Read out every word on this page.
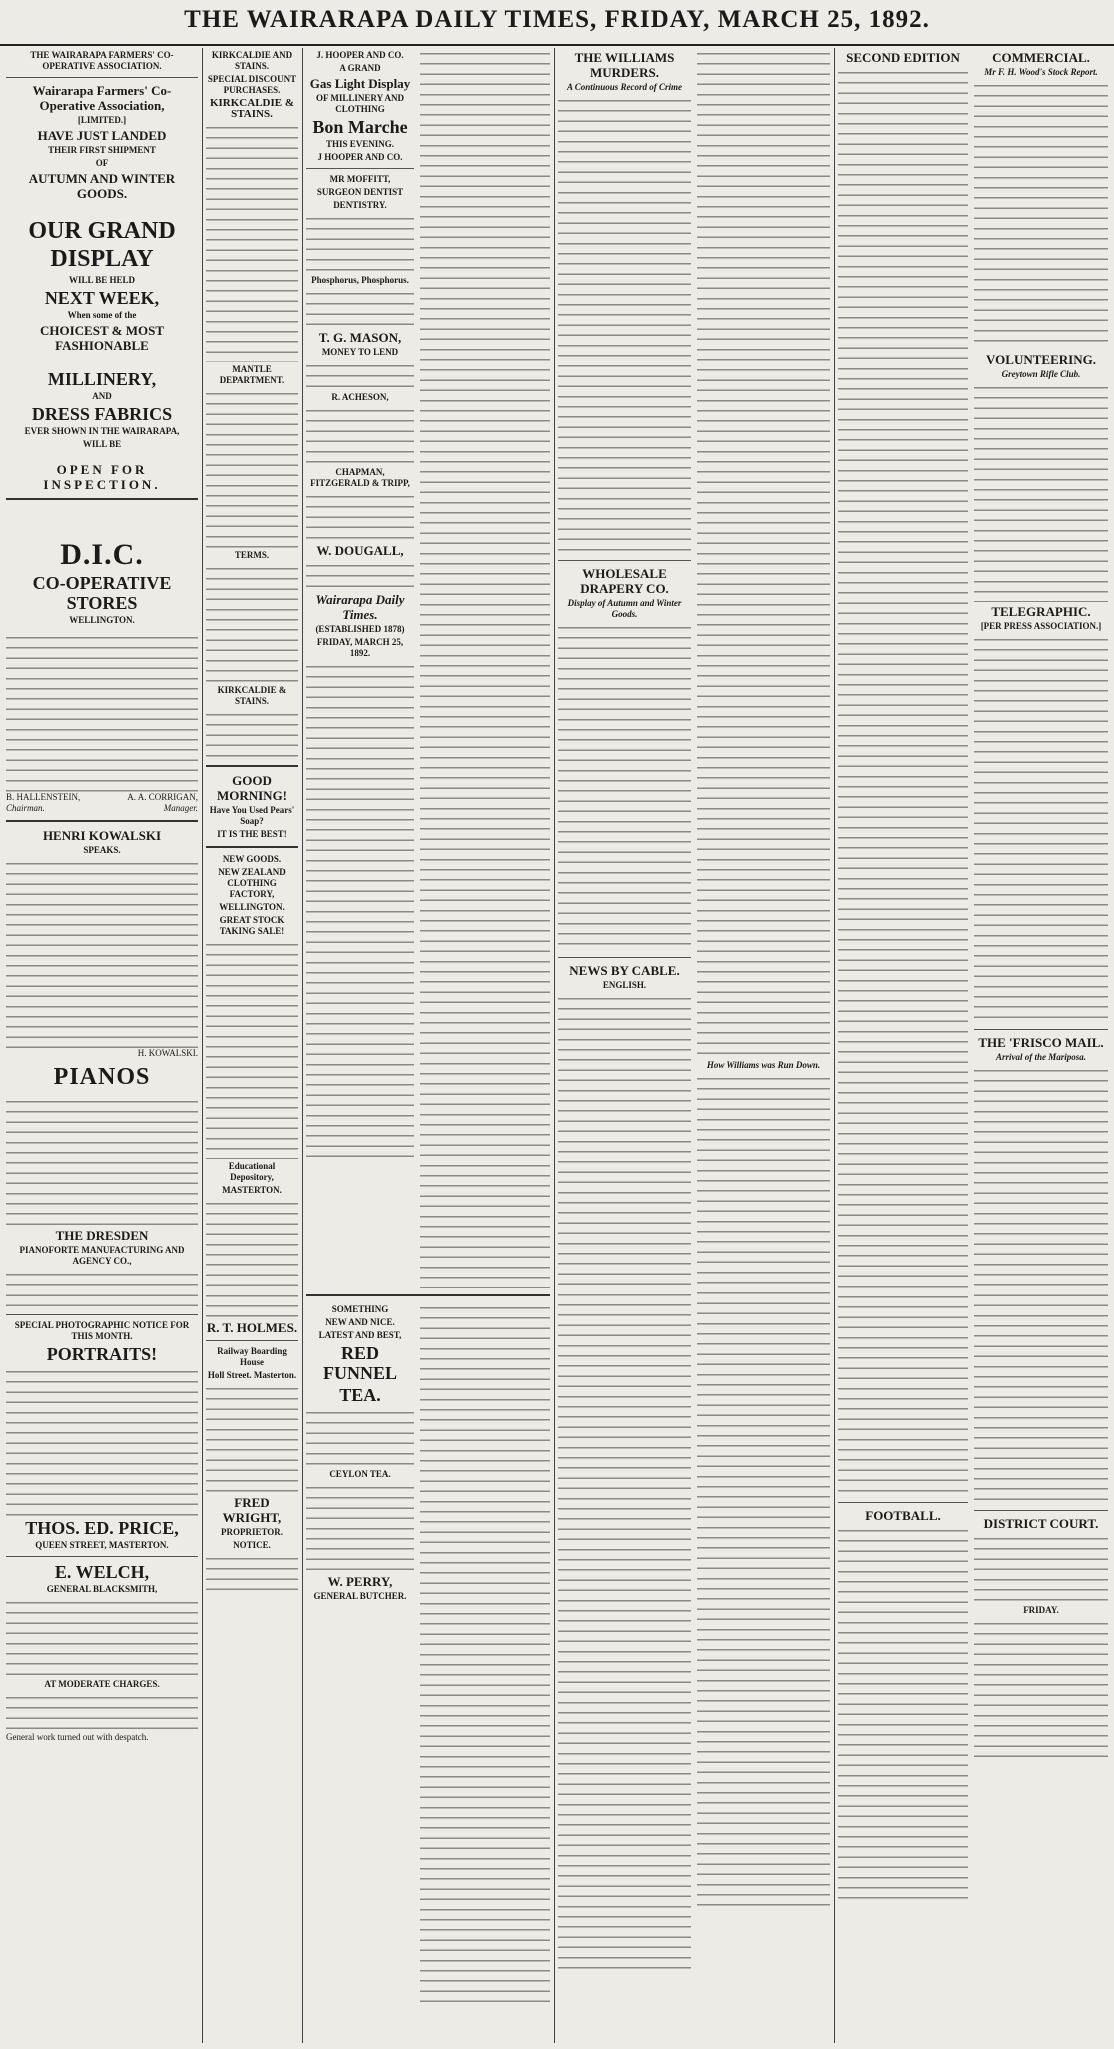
THE WAIRARAPA DAILY TIMES, FRIDAY, MARCH 25, 1892.
THE WAIRARAPA FARMERS' CO-OPERATIVE ASSOCIATION.
Wairarapa Farmers' Co-Operative Association,
[LIMITED.]
HAVE JUST LANDED
THEIR FIRST SHIPMENT
OF
AUTUMN AND WINTER GOODS.
OUR GRAND DISPLAY
WILL BE HELD
NEXT WEEK,
When some of the
CHOICEST & MOST FASHIONABLE
MILLINERY,
AND
DRESS FABRICS
EVER SHOWN IN THE WAIRARAPA,
WILL BE
OPEN FOR INSPECTION.
D.I.C.
CO-OPERATIVE STORES
WELLINGTON.
B. HALLENSTEIN,	A. A. CORRIGAN,
Chairman.	Manager.
HENRI KOWALSKI
SPEAKS.
H. KOWALSKI.
PIANOS
THE DRESDEN
PIANOFORTE MANUFACTURING AND AGENCY CO.,
SPECIAL PHOTOGRAPHIC NOTICE FOR THIS MONTH.
PORTRAITS!
THOS. ED. PRICE,
QUEEN STREET, MASTERTON.
E. WELCH,
GENERAL BLACKSMITH,
AT MODERATE CHARGES.
General work turned out with despatch.
KIRKCALDIE AND STAINS.
SPECIAL DISCOUNT PURCHASES.
KIRKCALDIE & STAINS.
MANTLE DEPARTMENT.
TERMS.
KIRKCALDIE & STAINS.
GOOD MORNING!
Have You Used Pears' Soap?
IT IS THE BEST!
NEW GOODS.
NEW ZEALAND CLOTHING FACTORY,
WELLINGTON.
GREAT STOCK TAKING SALE!
Educational Depository,
MASTERTON.
R. T. HOLMES.
Railway Boarding House
Holl Street. Masterton.
FRED WRIGHT,
PROPRIETOR.
NOTICE.
J. HOOPER AND CO.
A GRAND
Gas Light Display
OF MILLINERY AND CLOTHING
Bon Marche
THIS EVENING.
J HOOPER AND CO.
MR MOFFITT,
SURGEON DENTIST
DENTISTRY.
Phosphorus, Phosphorus.
T. G. MASON,
MONEY TO LEND
R. ACHESON,
CHAPMAN, FITZGERALD & TRIPP,
W. DOUGALL,
Wairarapa Daily Times.
(ESTABLISHED 1878)
FRIDAY, MARCH 25, 1892.
SOMETHING
NEW AND NICE.
LATEST AND BEST,
RED FUNNEL
TEA.
CEYLON TEA.
W. PERRY,
GENERAL BUTCHER.
THE WILLIAMS MURDERS.
A Continuous Record of Crime
WHOLESALE DRAPERY CO.
Display of Autumn and Winter Goods.
NEWS BY CABLE.
ENGLISH.
How Williams was Run Down.
SECOND EDITION
FOOTBALL.
COMMERCIAL.
Mr F. H. Wood's Stock Report.
VOLUNTEERING.
Greytown Rifle Club.
TELEGRAPHIC.
[PER PRESS ASSOCIATION.]
THE 'FRISCO MAIL.
Arrival of the Mariposa.
DISTRICT COURT.
FRIDAY.
